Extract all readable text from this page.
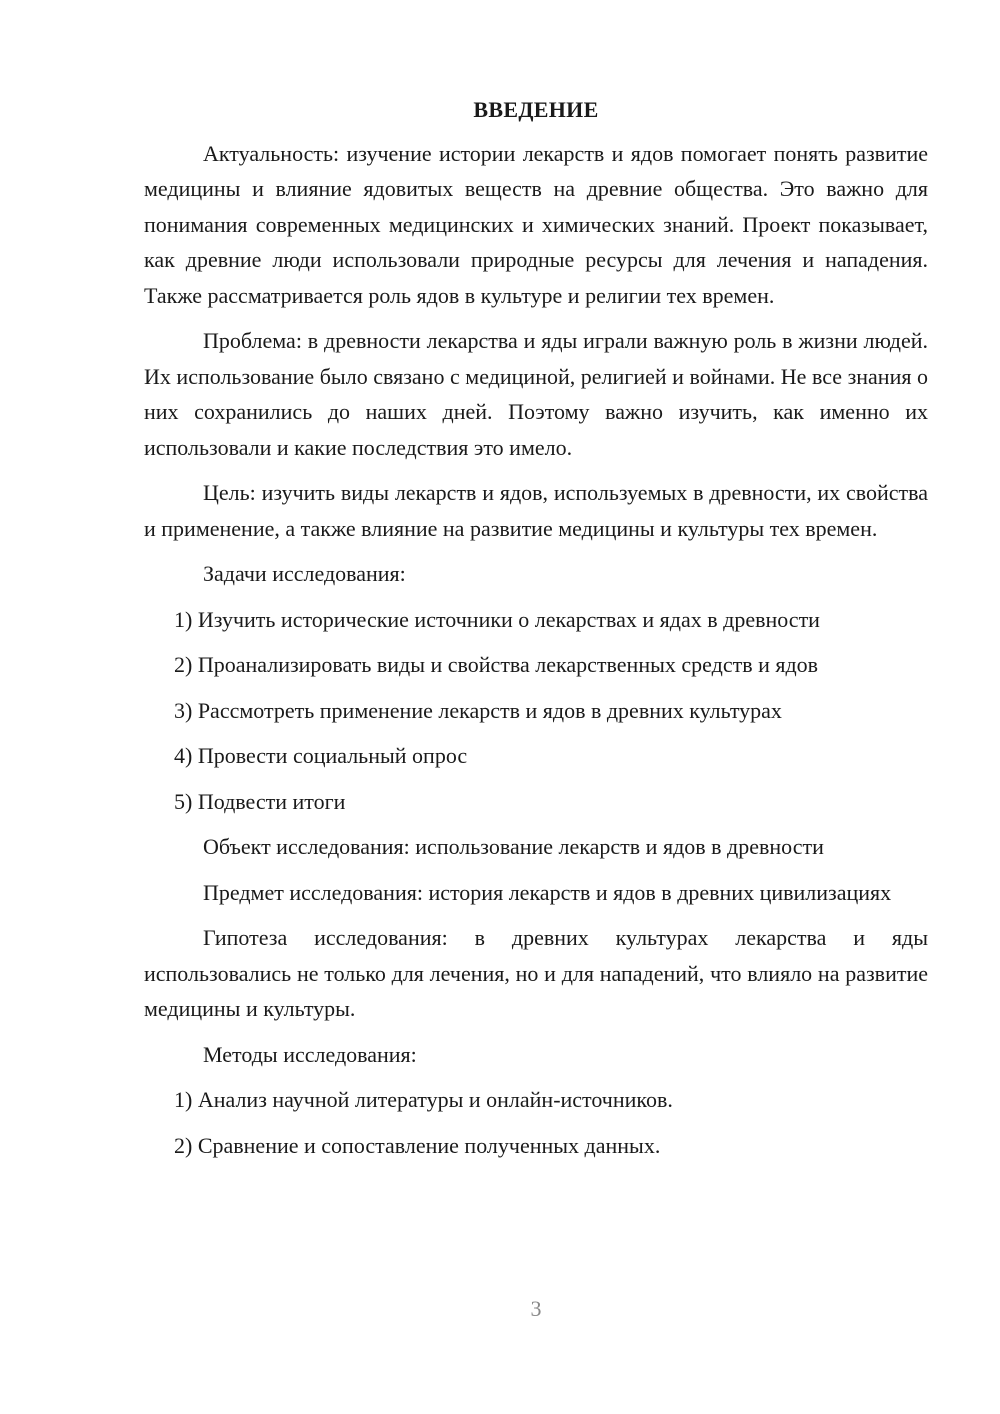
ВВЕДЕНИЕ

Актуальность: изучение истории лекарств и ядов помогает понять развитие медицины и влияние ядовитых веществ на древние общества. Это важно для понимания современных медицинских и химических знаний. Проект показывает, как древние люди использовали природные ресурсы для лечения и нападения. Также рассматривается роль ядов в культуре и религии тех времен.

Проблема: в древности лекарства и яды играли важную роль в жизни людей. Их использование было связано с медициной, религией и войнами. Не все знания о них сохранились до наших дней. Поэтому важно изучить, как именно их использовали и какие последствия это имело.

Цель: изучить виды лекарств и ядов, используемых в древности, их свойства и применение, а также влияние на развитие медицины и культуры тех времен.

Задачи исследования:

1) Изучить исторические источники о лекарствах и ядах в древности

2) Проанализировать виды и свойства лекарственных средств и ядов

3) Рассмотреть применение лекарств и ядов в древних культурах

4) Провести социальный опрос

5) Подвести итоги

Объект исследования: использование лекарств и ядов в древности

Предмет исследования: история лекарств и ядов в древних цивилизациях

Гипотеза исследования: в древних культурах лекарства и яды использовались не только для лечения, но и для нападений, что влияло на развитие медицины и культуры.

Методы исследования:

1) Анализ научной литературы и онлайн-источников.

2) Сравнение и сопоставление полученных данных.

3
